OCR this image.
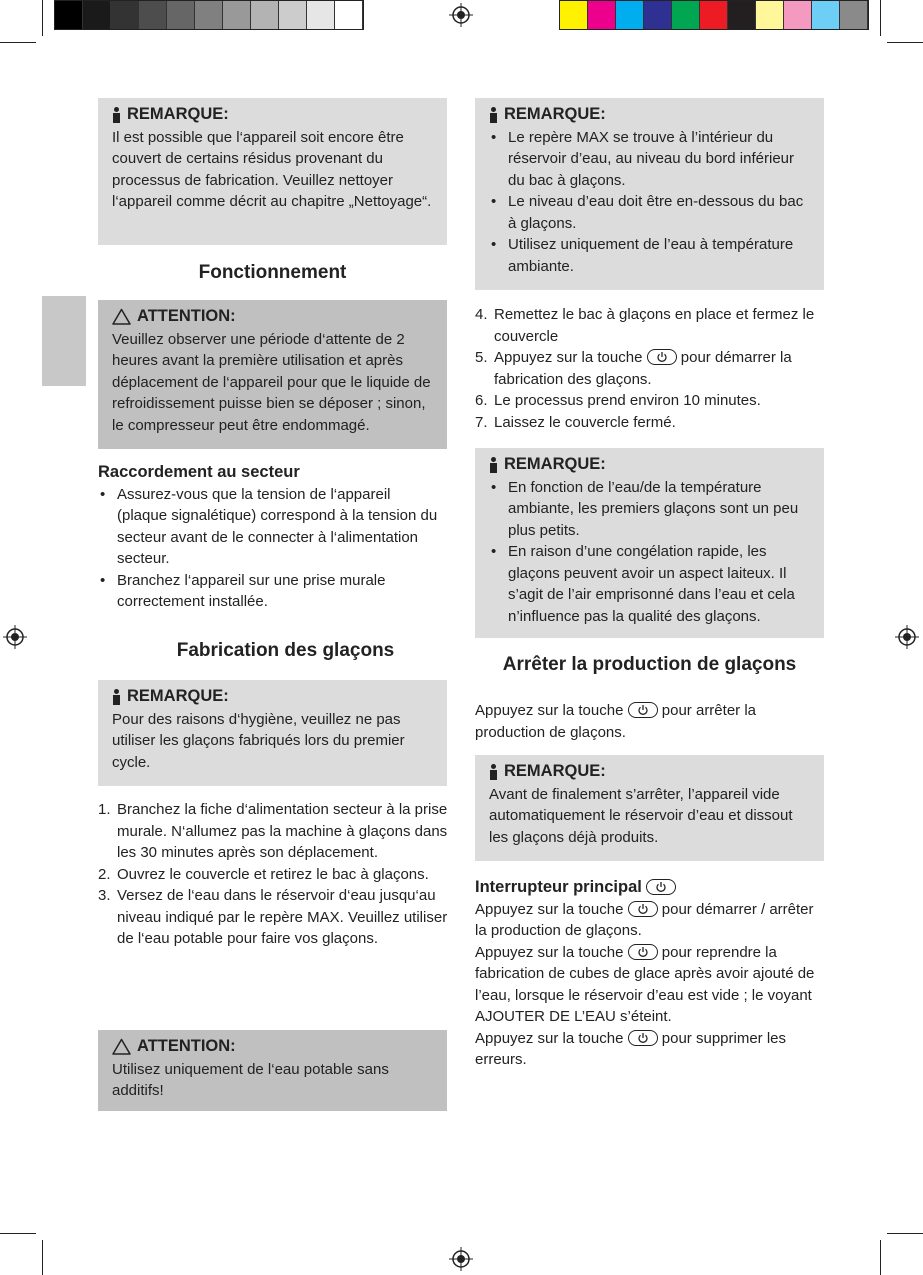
REMARQUE:
Il est possible que l‘appareil soit encore être couvert de certains résidus provenant du processus de fabrication. Veuillez nettoyer l‘appareil comme décrit au chapitre „Nettoyage“.
Fonctionnement
ATTENTION:
Veuillez observer une période d‘attente de 2 heures avant la première utilisation et après déplacement de l‘appareil pour que le liquide de refroidissement puisse bien se déposer ; sinon, le compresseur peut être endommagé.
Raccordement au secteur
• Assurez-vous que la tension de l‘appareil (plaque signalétique) correspond à la tension du secteur avant de le connecter à l‘alimentation secteur.
• Branchez l‘appareil sur une prise murale correctement installée.
Fabrication des glaçons
REMARQUE:
Pour des raisons d‘hygiène, veuillez ne pas utiliser les glaçons fabriqués lors du premier cycle.
1. Branchez la fiche d‘alimentation secteur à la prise murale. N‘allumez pas la machine à glaçons dans les 30 minutes après son déplacement.
2. Ouvrez le couvercle et retirez le bac à glaçons.
3. Versez de l‘eau dans le réservoir d‘eau jusqu‘au niveau indiqué par le repère MAX. Veuillez utiliser de l‘eau potable pour faire vos glaçons.
ATTENTION:
Utilisez uniquement de l‘eau potable sans additifs!
REMARQUE:
• Le repère MAX se trouve à l’intérieur du réservoir d’eau, au niveau du bord inférieur du bac à glaçons.
• Le niveau d’eau doit être en-dessous du bac à glaçons.
• Utilisez uniquement de l’eau à température ambiante.
4. Remettez le bac à glaçons en place et fermez le couvercle
5. Appuyez sur la touche	pour démarrer la fabrication des glaçons.
6. Le processus prend environ 10 minutes.
7. Laissez le couvercle fermé.
REMARQUE:
• En fonction de l’eau/de la température ambiante, les premiers glaçons sont un peu plus petits.
• En raison d’une congélation rapide, les glaçons peuvent avoir un aspect laiteux. Il s’agit de l’air emprisonné dans l’eau et cela n’influence pas la qualité des glaçons.
Arrêter la production de glaçons
Appuyez sur la touche	pour arrêter la production de glaçons.
REMARQUE:
Avant de finalement s’arrêter, l’appareil vide automatiquement le réservoir d’eau et dissout les glaçons déjà produits.
Interrupteur principal
Appuyez sur la touche	pour démarrer / arrêter la production de glaçons.
Appuyez sur la touche	pour reprendre la fabrication de cubes de glace après avoir ajouté de l’eau, lorsque le réservoir d’eau est vide ; le voyant AJOUTER DE L’EAU s’éteint.
Appuyez sur la touche	pour supprimer les erreurs.
